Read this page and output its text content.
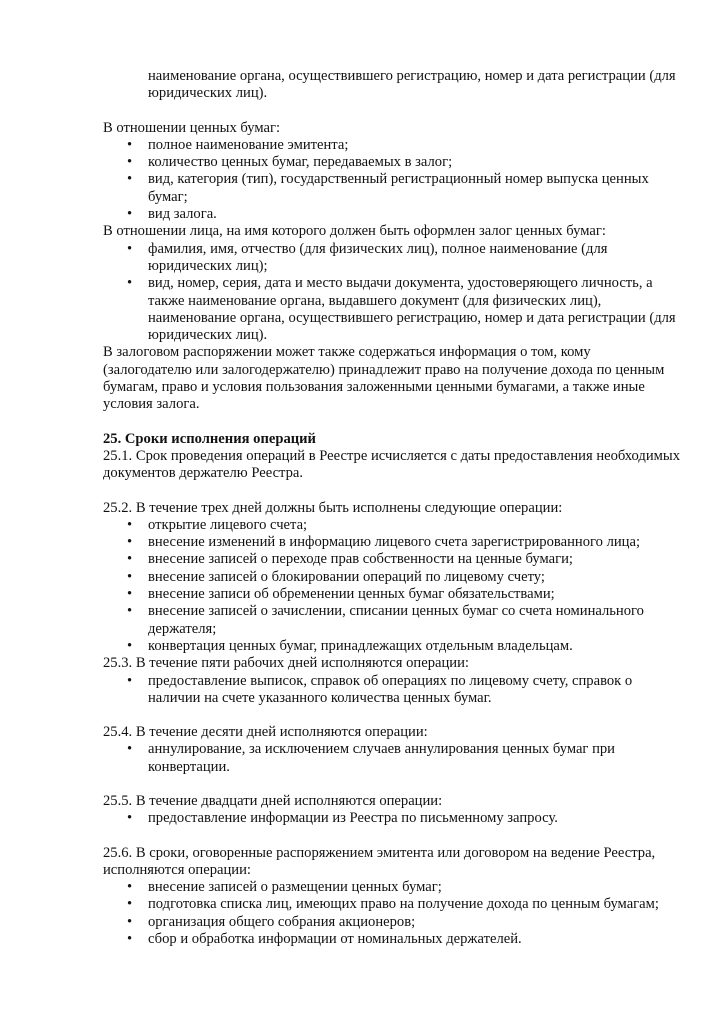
наименование органа, осуществившего регистрацию, номер и дата регистрации (для юридических лиц).

В отношении ценных бумаг:

• полное наименование эмитента;
• количество ценных бумаг, передаваемых в залог;
• вид, категория (тип), государственный регистрационный номер выпуска ценных бумаг;
• вид залога.

В отношении лица, на имя которого должен быть оформлен залог ценных бумаг:

• фамилия, имя, отчество (для физических лиц), полное наименование (для юридических лиц);
• вид, номер, серия, дата и место выдачи документа, удостоверяющего личность, а также наименование органа, выдавшего документ (для физических лиц), наименование органа, осуществившего регистрацию, номер и дата регистрации (для юридических лиц).

В залоговом распоряжении может также содержаться информация о том, кому (залогодателю или залогодержателю) принадлежит право на получение дохода по ценным бумагам, право и условия пользования заложенными ценными бумагами, а также иные условия залога.

25. Сроки исполнения операций

25.1. Срок проведения операций в Реестре исчисляется с даты предоставления необходимых документов держателю Реестра.

25.2. В течение трех дней должны быть исполнены следующие операции:

• открытие лицевого счета;
• внесение изменений в информацию лицевого счета зарегистрированного лица;
• внесение записей о переходе прав собственности на ценные бумаги;
• внесение записей о блокировании операций по лицевому счету;
• внесение записи об обременении ценных бумаг обязательствами;
• внесение записей о зачислении, списании ценных бумаг со счета номинального держателя;
• конвертация ценных бумаг, принадлежащих отдельным владельцам.

25.3. В течение пяти рабочих дней исполняются операции:

• предоставление выписок, справок об операциях по лицевому счету, справок о наличии на счете указанного количества ценных бумаг.

25.4. В течение десяти дней исполняются операции:

• аннулирование, за исключением случаев аннулирования ценных бумаг при конвертации.

25.5. В течение двадцати дней исполняются операции:

• предоставление информации из Реестра по письменному запросу.

25.6. В сроки, оговоренные распоряжением эмитента или договором на ведение Реестра, исполняются операции:

• внесение записей о размещении ценных бумаг;
• подготовка списка лиц, имеющих право на получение дохода по ценным бумагам;
• организация общего собрания акционеров;
• сбор и обработка информации от номинальных держателей.
